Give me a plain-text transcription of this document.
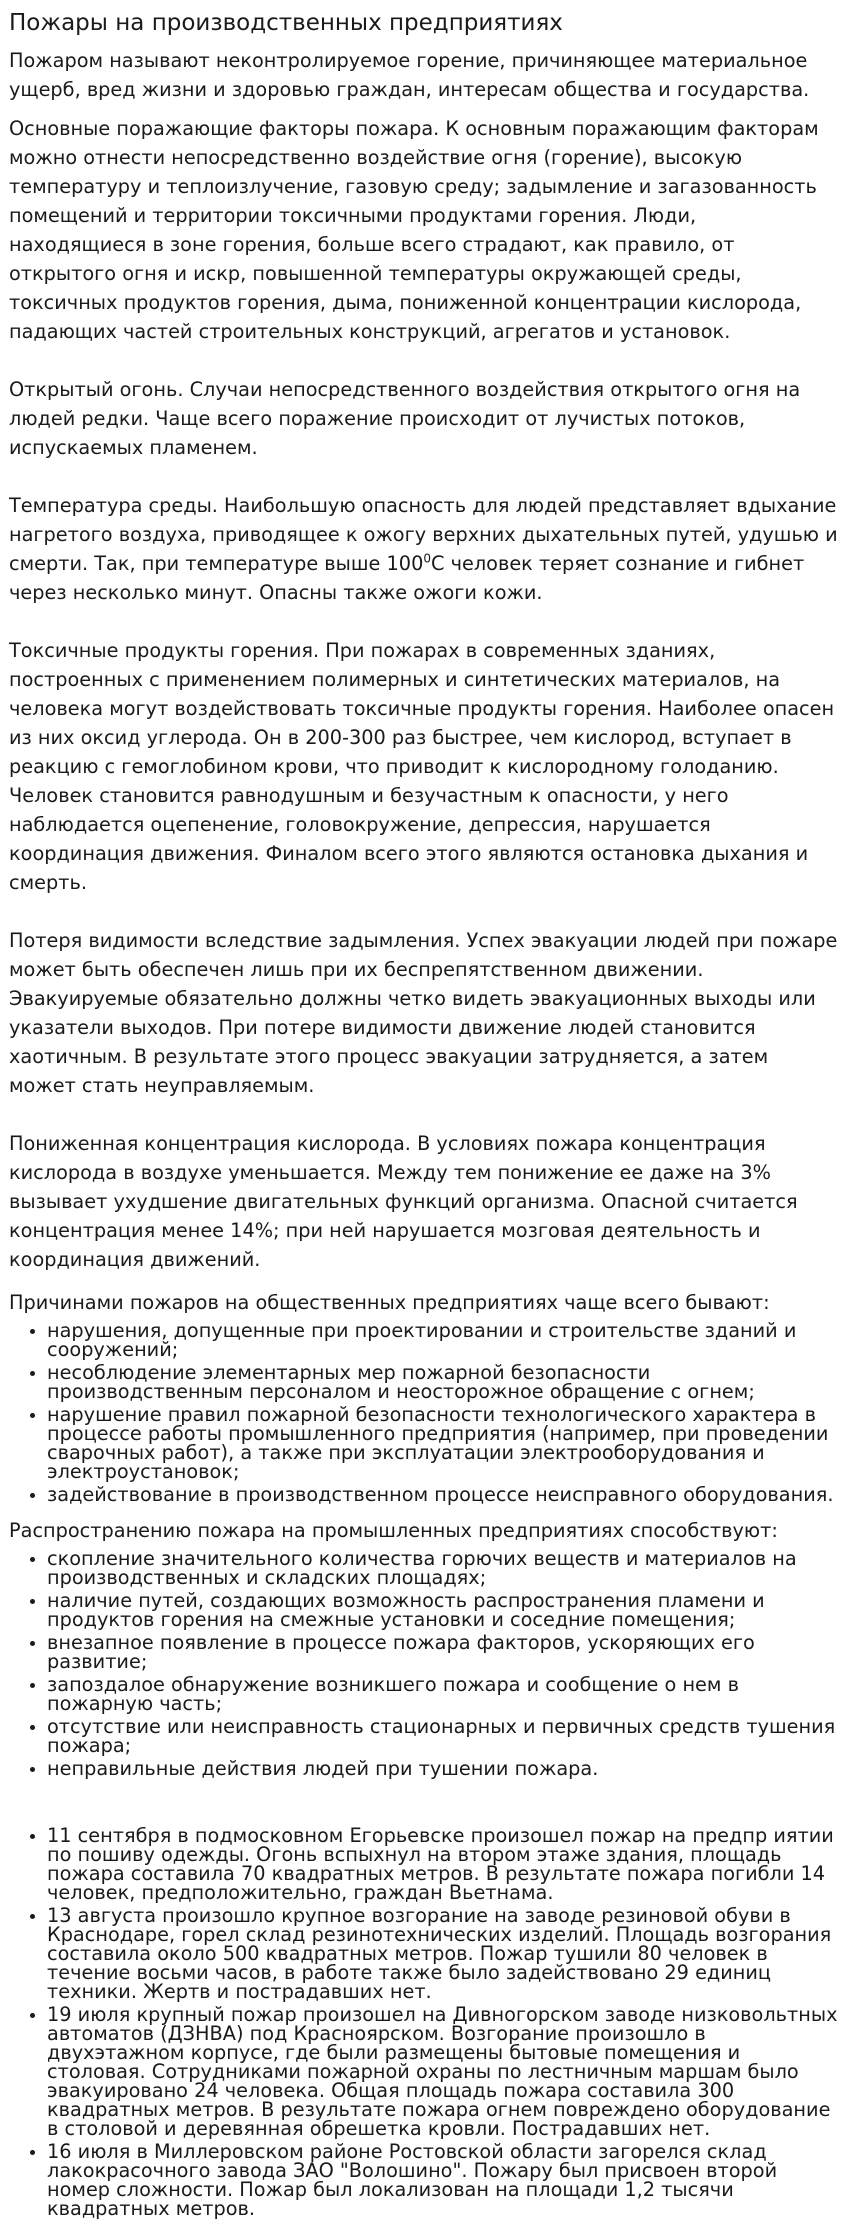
Пожары на производственных предприятиях

Пожаром называют неконтролируемое горение, причиняющее материальное ущерб, вред жизни и здоровью граждан, интересам общества и государства.

Основные поражающие факторы пожара. К основным поражающим факторам можно отнести непосредственно воздействие огня (горение), высокую температуру и теплоизлучение, газовую среду; задымление и загазованность помещений и территории токсичными продуктами горения. Люди, находящиеся в зоне горения, больше всего страдают, как правило, от открытого огня и искр, повышенной температуры окружающей среды, токсичных продуктов горения, дыма, пониженной концентрации кислорода, падающих частей строительных конструкций, агрегатов и установок.

Открытый огонь. Случаи непосредственного воздействия открытого огня на людей редки. Чаще всего поражение происходит от лучистых потоков, испускаемых пламенем.

Температура среды. Наибольшую опасность для людей представляет вдыхание нагретого воздуха, приводящее к ожогу верхних дыхательных путей, удушью и смерти. Так, при температуре выше $100^0С$ человек теряет сознание и гибнет через несколько минут. Опасны также ожоги кожи.

Токсичные продукты горения. При пожарах в современных зданиях, построенных с применением полимерных и синтетических материалов, на человека могут воздействовать токсичные продукты горения. Наиболее опасен из них оксид углерода. Он в 200-300 раз быстрее, чем кислород, вступает в реакцию с гемоглобином крови, что приводит к кислородному голоданию. Человек становится равнодушным и безучастным к опасности, у него наблюдается оцепенение, головокружение, депрессия, нарушается координация движения. Финалом всего этого являются остановка дыхания и смерть.

Потеря видимости вследствие задымления. Успех эвакуации людей при пожаре может быть обеспечен лишь при их беспрепятственном движении. Эвакуируемые обязательно должны четко видеть эвакуационных выходы или указатели выходов. При потере видимости движение людей становится хаотичным. В результате этого процесс эвакуации затрудняется, а затем может стать неуправляемым.

Пониженная концентрация кислорода. В условиях пожара концентрация кислорода в воздухе уменьшается. Между тем понижение ее даже на 3% вызывает ухудшение двигательных функций организма. Опасной считается концентрация менее 14%; при ней нарушается мозговая деятельность и координация движений.

Причинами пожаров на общественных предприятиях чаще всего бывают:

• нарушения, допущенные при проектировании и строительстве зданий и сооружений;
• несоблюдение элементарных мер пожарной безопасности производственным персоналом и неосторожное обращение с огнем;
• нарушение правил пожарной безопасности технологического характера в процессе работы промышленного предприятия (например, при проведении сварочных работ), а также при эксплуатации электрооборудования и электроустановок;
• задействование в производственном процессе неисправного оборудования.

Распространению пожара на промышленных предприятиях способствуют:

• скопление значительного количества горючих веществ и материалов на производственных и складских площадях;
• наличие путей, создающих возможность распространения пламени и продуктов горения на смежные установки и соседние помещения;
• внезапное появление в процессе пожара факторов, ускоряющих его развитие;
• запоздалое обнаружение возникшего пожара и сообщение о нем в пожарную часть;
• отсутствие или неисправность стационарных и первичных средств тушения пожара;
• неправильные действия людей при тушении пожара.
• 11 сентября в подмосковном Егорьевске произошел пожар на предпр иятии по пошиву одежды. Огонь вспыхнул на втором этаже здания, площадь пожара составила 70 квадратных метров. В результате пожара погибли 14 человек, предположительно, граждан Вьетнама.
• 13 августа произошло крупное возгорание на заводе резиновой обуви в Краснодаре, горел склад резинотехнических изделий. Площадь возгорания составила около 500 квадратных метров. Пожар тушили 80 человек в течение восьми часов, в работе также было задействовано 29 единиц техники. Жертв и пострадавших нет.
• 19 июля крупный пожар произошел на Дивногорском заводе низковольтных автоматов (ДЗНВА) под Красноярском. Возгорание произошло в двухэтажном корпусе, где были размещены бытовые помещения и столовая. Сотрудниками пожарной охраны по лестничным маршам было эвакуировано 24 человека. Общая площадь пожара составила 300 квадратных метров. В результате пожара огнем повреждено оборудование в столовой и деревянная обрешетка кровли. Пострадавших нет.
• 16 июля в Миллеровском районе Ростовской области загорелся склад лакокрасочного завода ЗАО "Волошино". Пожару был присвоен второй номер сложности. Пожар был локализован на площади 1,2 тысячи квадратных метров.
